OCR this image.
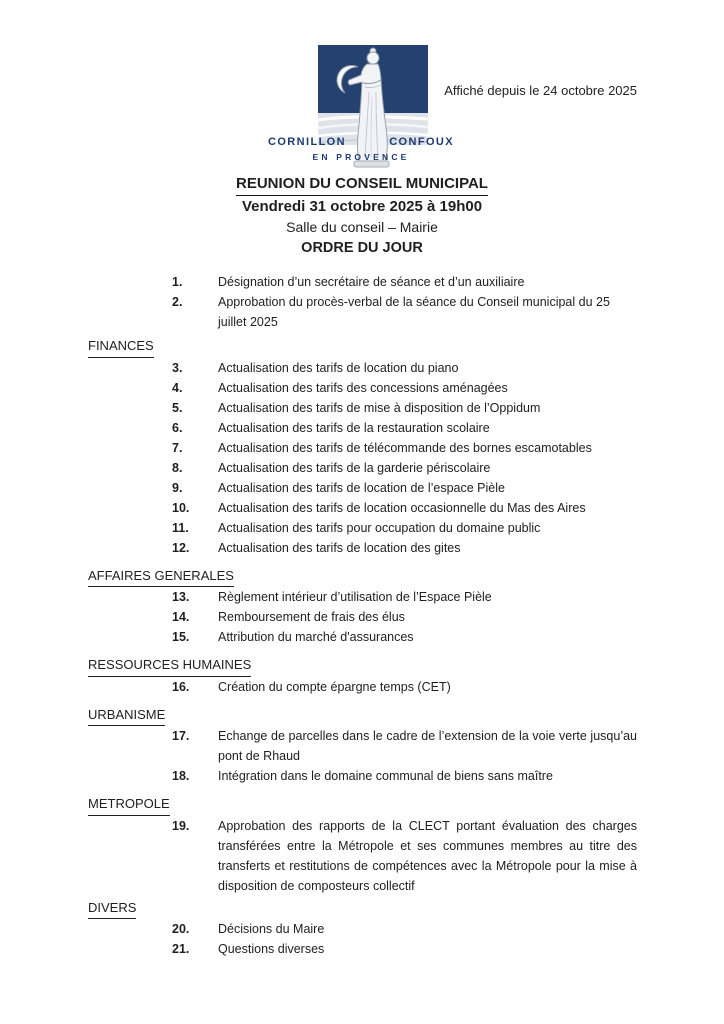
CORNILLON	CONFOUX
EN PROVENCE
Affiché depuis le 24 octobre 2025
REUNION DU CONSEIL MUNICIPAL
Vendredi 31 octobre 2025 à 19h00
Salle du conseil – Mairie
ORDRE DU JOUR
1.	Désignation d’un secrétaire de séance et d’un auxiliaire
2.	Approbation du procès-verbal de la séance du Conseil municipal du 25 juillet 2025
FINANCES
3.	Actualisation des tarifs de location du piano
4.	Actualisation des tarifs des concessions aménagées
5.	Actualisation des tarifs de mise à disposition de l’Oppidum
6.	Actualisation des tarifs de la restauration scolaire
7.	Actualisation des tarifs de télécommande des bornes escamotables
8.	Actualisation des tarifs de la garderie périscolaire
9.	Actualisation des tarifs de location de l’espace Pièle
10.	Actualisation des tarifs de location occasionnelle du Mas des Aires
11.	Actualisation des tarifs pour occupation du domaine public
12.	Actualisation des tarifs de location des gites
AFFAIRES GENERALES
13.	Règlement intérieur d’utilisation de l’Espace Pièle
14.	Remboursement de frais des élus
15.	Attribution du marché d'assurances
RESSOURCES HUMAINES
16.	Création du compte épargne temps (CET)
URBANISME
17.	Echange de parcelles dans le cadre de l’extension de la voie verte jusqu’au pont de Rhaud
18.	Intégration dans le domaine communal de biens sans maître
METROPOLE
19.	Approbation des rapports de la CLECT portant évaluation des charges transférées entre la Métropole et ses communes membres au titre des transferts et restitutions de compétences avec la Métropole pour la mise à disposition de composteurs collectif
DIVERS
20.	Décisions du Maire
21.	Questions diverses
